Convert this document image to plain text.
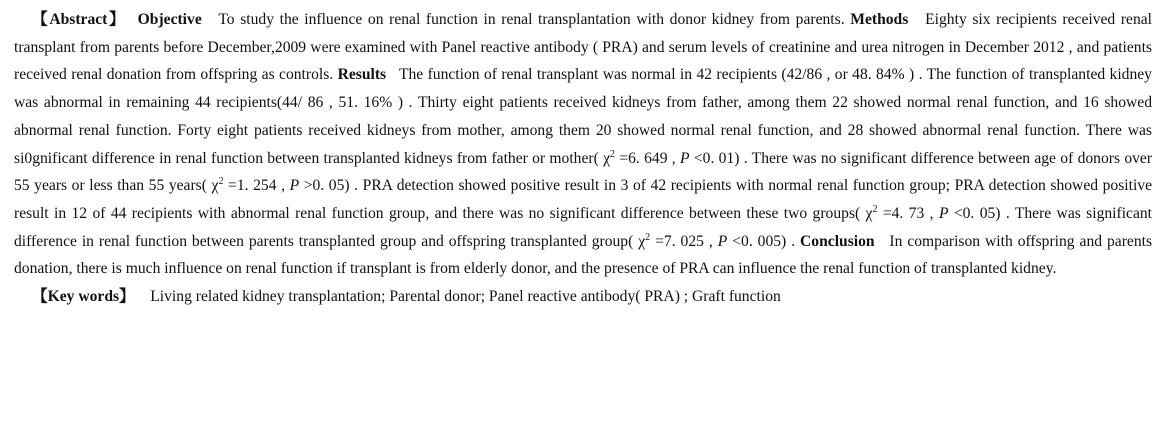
【Abstract】 Objective To study the influence on renal function in renal transplantation with donor kidney from parents. Methods Eighty six recipients received renal transplant from parents before December,2009 were examined with Panel reactive antibody ( PRA) and serum levels of creatinine and urea nitrogen in December 2012 , and patients received renal donation from offspring as controls. Results The function of renal transplant was normal in 42 recipients (42/86 , or 48. 84% ) . The function of transplanted kidney was abnormal in remaining 44 recipients(44/ 86 , 51. 16% ) . Thirty eight patients received kidneys from father, among them 22 showed normal renal function, and 16 showed abnormal renal function. Forty eight patients received kidneys from mother, among them 20 showed normal renal function, and 28 showed abnormal renal function. There was si0gnificant difference in renal function between transplanted kidneys from father or mother( $\chi^2 =6$. 649 , P <0. 01) . There was no significant difference between age of donors over 55 years or less than 55 years( $\chi^2 =1$. 254 , P >0. 05) . PRA detection showed positive result in 3 of 42 recipients with normal renal function group; PRA detection showed positive result in 12 of 44 recipients with abnormal renal function group, and there was no significant difference between these two groups( $\chi^2 =4$. 73 , P <0. 05) . There was significant difference in renal function between parents transplanted group and offspring transplanted group( $\chi^2 =7$. 025 , P <0. 005) . Conclusion In comparison with offspring and parents donation, there is much influence on renal function if transplant is from elderly donor, and the presence of PRA can influence the renal function of transplanted kidney.

【Key words】 Living related kidney transplantation; Parental donor; Panel reactive antibody( PRA) ; Graft function
